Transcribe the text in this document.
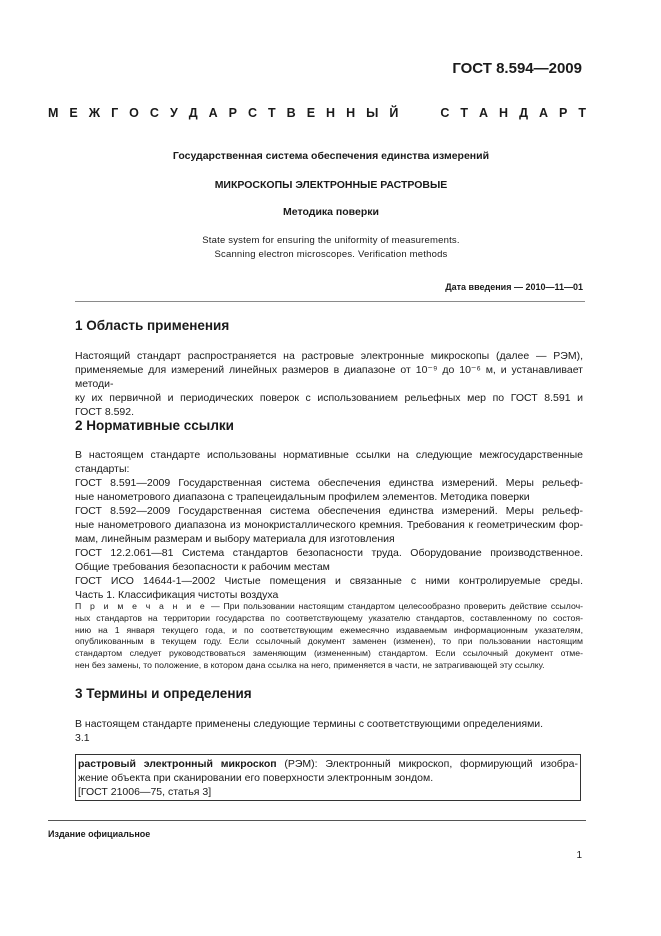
ГОСТ 8.594—2009
М Е Ж Г О С У Д А Р С Т В Е Н Н Ы Й	С Т А Н Д А Р Т
Государственная система обеспечения единства измерений
МИКРОСКОПЫ ЭЛЕКТРОННЫЕ РАСТРОВЫЕ
Методика поверки
State system for ensuring the uniformity of measurements.
Scanning electron microscopes. Verification methods
Дата введения — 2010—11—01
1 Область применения
Настоящий стандарт распространяется на растровые электронные микроскопы (далее — РЭМ),
применяемые для измерений линейных размеров в диапазоне от 10⁻⁹ до 10⁻⁶ м, и устанавливает методи-
ку их первичной и периодических поверок с использованием рельефных мер по ГОСТ 8.591 и
ГОСТ 8.592.
2 Нормативные ссылки
В настоящем стандарте использованы нормативные ссылки на следующие межгосударственные
стандарты:
ГОСТ 8.591—2009 Государственная система обеспечения единства измерений. Меры рельеф-
ные нанометрового диапазона с трапецеидальным профилем элементов. Методика поверки
ГОСТ 8.592—2009 Государственная система обеспечения единства измерений. Меры рельеф-
ные нанометрового диапазона из монокристаллического кремния. Требования к геометрическим фор-
мам, линейным размерам и выбору материала для изготовления
ГОСТ 12.2.061—81 Система стандартов безопасности труда. Оборудование производственное.
Общие требования безопасности к рабочим местам
ГОСТ ИСО 14644-1—2002 Чистые помещения и связанные с ними контролируемые среды.
Часть 1. Классификация чистоты воздуха
П р и м е ч а н и е — При пользовании настоящим стандартом целесообразно проверить действие ссылоч-
ных стандартов на территории государства по соответствующему указателю стандартов, составленному по состоя-
нию на 1 января текущего года, и по соответствующим ежемесячно издаваемым информационным указателям,
опубликованным в текущем году. Если ссылочный документ заменен (изменен), то при пользовании настоящим
стандартом следует руководствоваться заменяющим (измененным) стандартом. Если ссылочный документ отме-
нен без замены, то положение, в котором дана ссылка на него, применяется в части, не затрагивающей эту ссылку.
3 Термины и определения
В настоящем стандарте применены следующие термины с соответствующими определениями.
3.1
растровый электронный микроскоп (РЭМ): Электронный микроскоп, формирующий изобра-
жение объекта при сканировании его поверхности электронным зондом.
[ГОСТ 21006—75, статья 3]
Издание официальное
1
